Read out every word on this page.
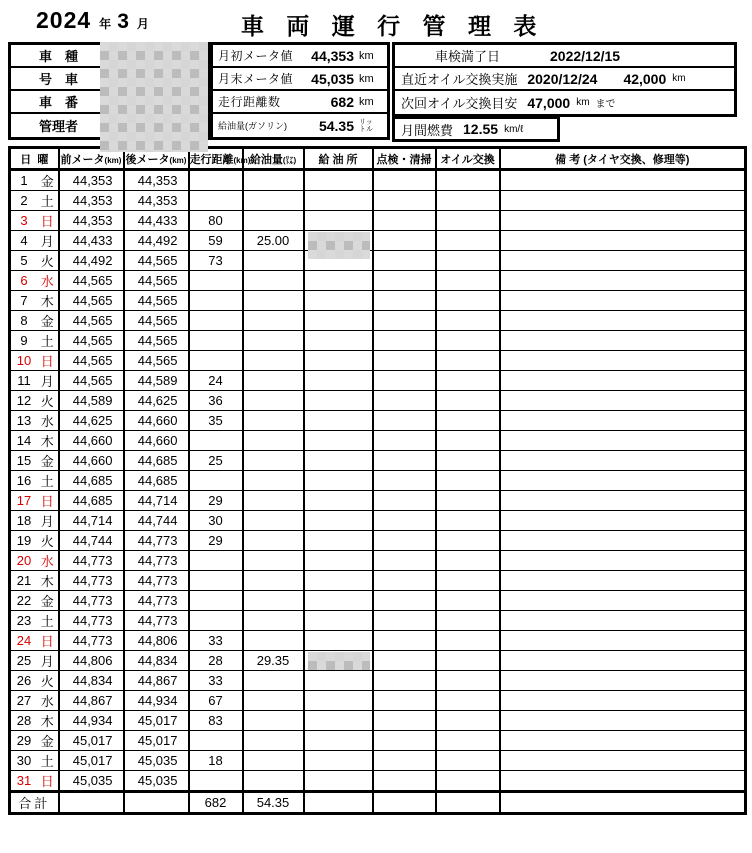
2024 年 3 月	車 両 運 行 管 理 表
車　種
号　車
車　番
管理者
月初メータ値	44,353 km
月末メータ値	45,035 km
走行距離数	682 km
給油量(ガソリン)	54.35 リッ
トル
車検満了日	2022/12/15
直近オイル交換実施 2020/12/24 42,000 km
次回オイル交換目安 47,000 km まで
月間燃費 12.55 km/ℓ
日 曜	前メータ(km)	後メータ(km)	走行距離(km)	給油量(㍑)	給 油 所	点検・清掃	オイル交換	備 考 (タイヤ交換、修理等)

1 金	44,353	44,353						

2 土	44,353	44,353						

3 日	44,353	44,433	80					

4 月	44,433	44,492	59	25.00	

5 火	44,492	44,565	73					

6 水	44,565	44,565						

7 木	44,565	44,565						

8 金	44,565	44,565						

9 土	44,565	44,565						

10 日	44,565	44,565						

11 月	44,565	44,589	24					

12 火	44,589	44,625	36					

13 水	44,625	44,660	35					

14 木	44,660	44,660						

15 金	44,660	44,685	25					

16 土	44,685	44,685						

17 日	44,685	44,714	29					

18 月	44,714	44,744	30					

19 火	44,744	44,773	29					

20 水	44,773	44,773						

21 木	44,773	44,773						

22 金	44,773	44,773						

23 土	44,773	44,773						

24 日	44,773	44,806	33					

25 月	44,806	44,834	28	29.35	

26 火	44,834	44,867	33					

27 水	44,867	44,934	67					

28 木	44,934	45,017	83					

29 金	45,017	45,017						

30 土	45,017	45,035	18					

31 日	45,035	45,035						
合計			682	54.35				
